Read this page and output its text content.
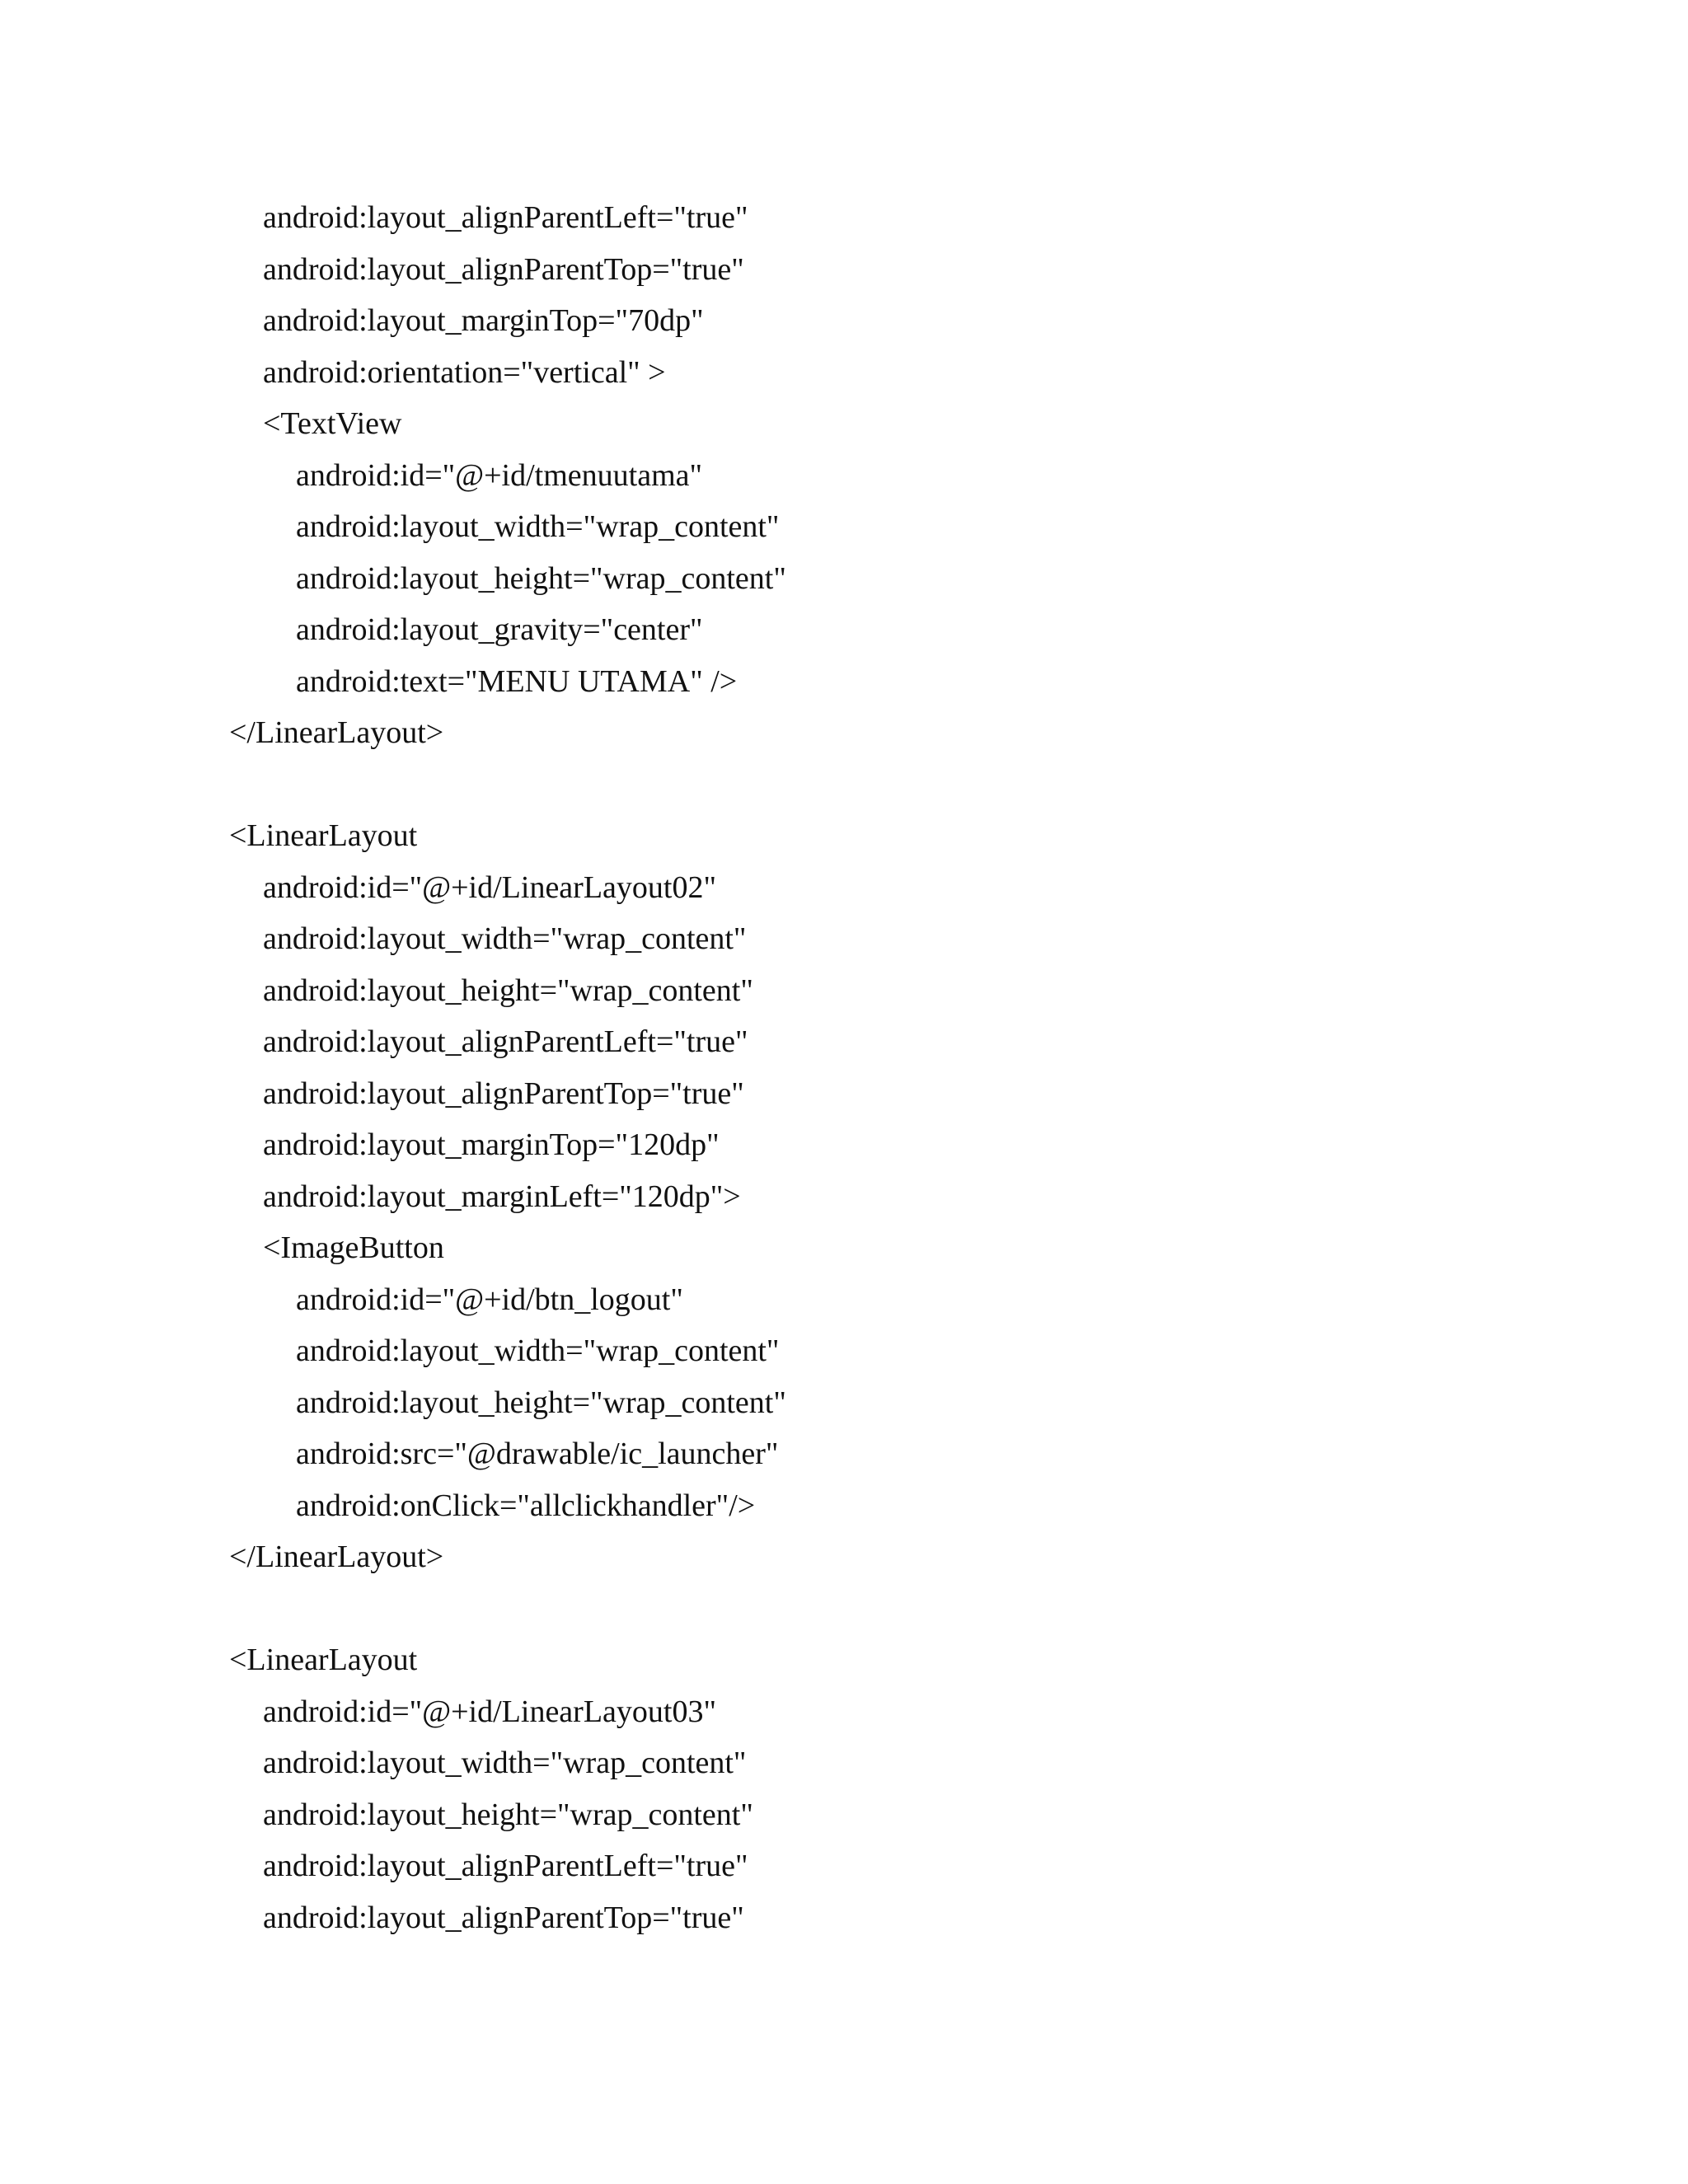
android:layout_alignParentLeft="true"
android:layout_alignParentTop="true"
android:layout_marginTop="70dp"
android:orientation="vertical" >
<TextView
android:id="@+id/tmenuutama"
android:layout_width="wrap_content"
android:layout_height="wrap_content"
android:layout_gravity="center"
android:text="MENU UTAMA" />
</LinearLayout>
<LinearLayout
android:id="@+id/LinearLayout02"
android:layout_width="wrap_content"
android:layout_height="wrap_content"
android:layout_alignParentLeft="true"
android:layout_alignParentTop="true"
android:layout_marginTop="120dp"
android:layout_marginLeft="120dp">
<ImageButton
android:id="@+id/btn_logout"
android:layout_width="wrap_content"
android:layout_height="wrap_content"
android:src="@drawable/ic_launcher"
android:onClick="allclickhandler"/>
</LinearLayout>
<LinearLayout
android:id="@+id/LinearLayout03"
android:layout_width="wrap_content"
android:layout_height="wrap_content"
android:layout_alignParentLeft="true"
android:layout_alignParentTop="true"
